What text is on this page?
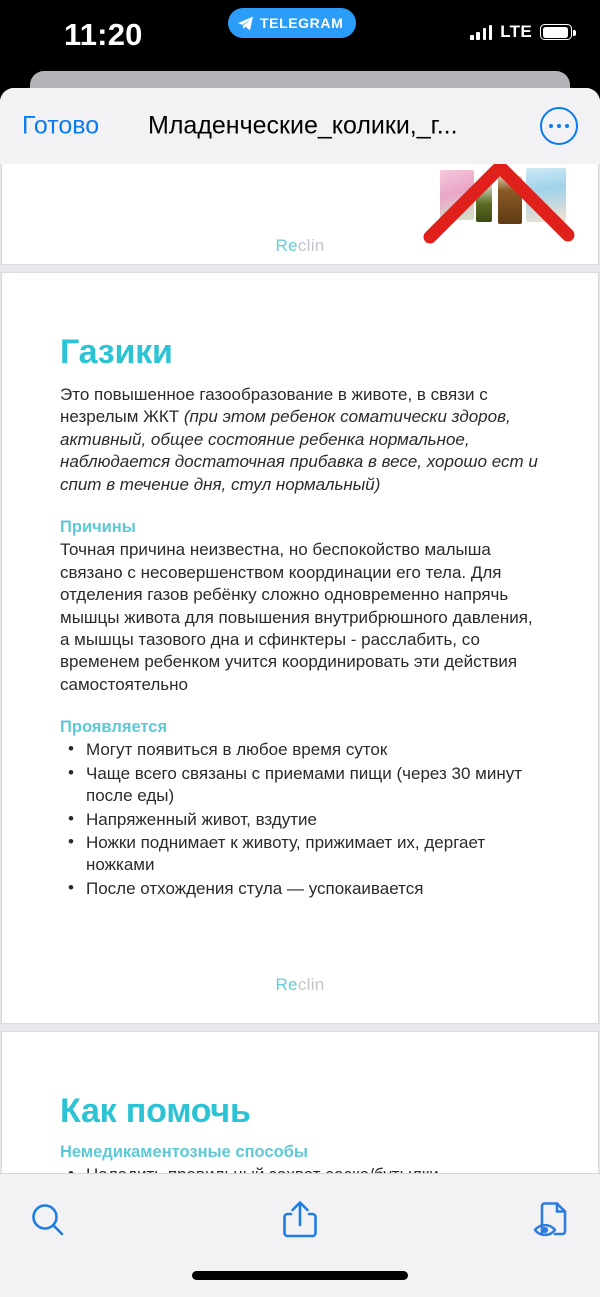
11:20	TELEGRAM	LTE
Готово Младенческие_колики,_г...
Reclin
Газики

Это повышенное газообразование в животе, в связи с незрелым ЖКТ (при этом ребенок соматически здоров, активный, общее состояние ребенка нормальное, наблюдается достаточная прибавка в весе, хорошо ест и спит в течение дня, стул нормальный)

Причины

Точная причина неизвестна, но беспокойство малыша связано с несовершенством координации его тела. Для отделения газов ребёнку сложно одновременно напрячь мышцы живота для повышения внутрибрюшного давления, а мышцы тазового дна и сфинктеры - расслабить, со временем ребенком учится координировать эти действия самостоятельно

Проявляется
• Могут появиться в любое время суток
• Чаще всего связаны с приемами пищи (через 30 минут после еды)
• Напряженный живот, вздутие
• Ножки поднимает к животу, прижимает их, дергает ножками
• После отхождения стула — успокаивается
Reclin
Как помочь
Немедикаментозные способы
•
